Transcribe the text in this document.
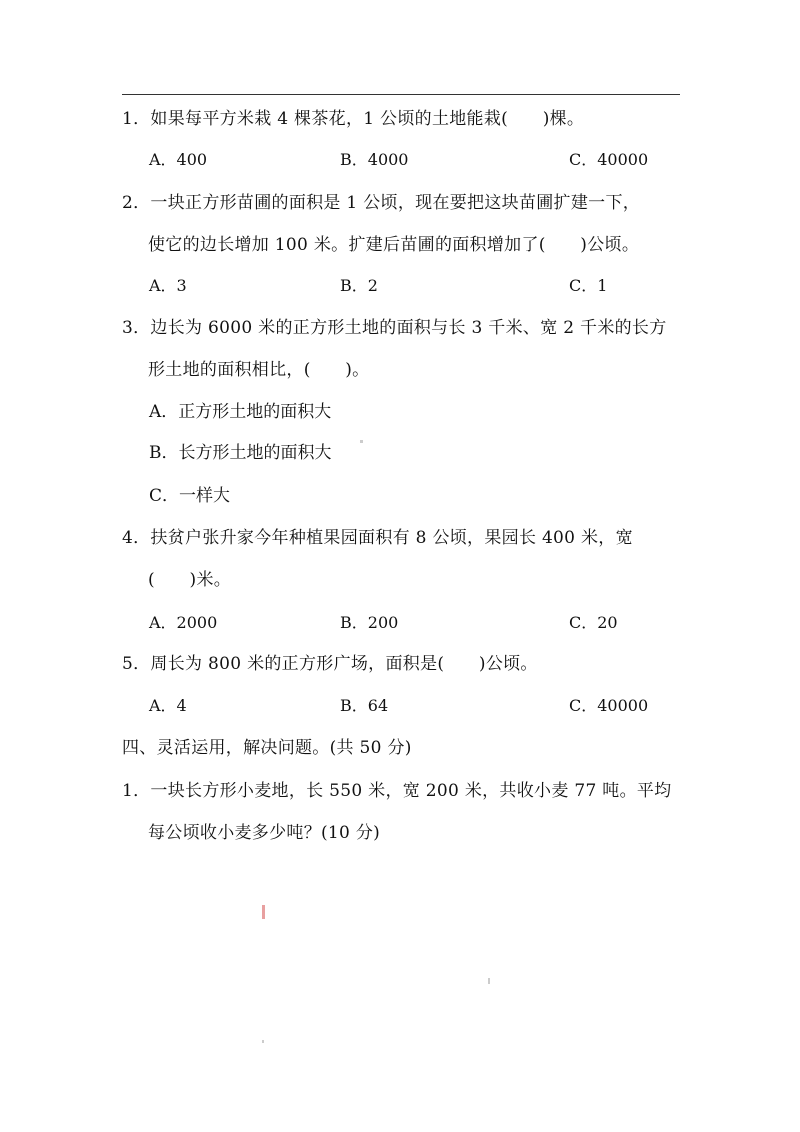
1．如果每平方米栽 4 棵茶花，1 公顷的土地能栽(　　)棵。
A．400	B．4000	C．40000
2．一块正方形苗圃的面积是 1 公顷，现在要把这块苗圃扩建一下，
使它的边长增加 100 米。扩建后苗圃的面积增加了(　　)公顷。
A．3	B．2	C．1
3．边长为 6000 米的正方形土地的面积与长 3 千米、宽 2 千米的长方
形土地的面积相比，(　　)。
A．正方形土地的面积大
B．长方形土地的面积大
C．一样大
4．扶贫户张升家今年种植果园面积有 8 公顷，果园长 400 米，宽
(　　)米。
A．2000	B．200	C．20
5．周长为 800 米的正方形广场，面积是(　　)公顷。
A．4	B．64	C．40000
四、灵活运用，解决问题。(共 50 分)
1．一块长方形小麦地，长 550 米，宽 200 米，共收小麦 77 吨。平均
每公顷收小麦多少吨？(10 分)
